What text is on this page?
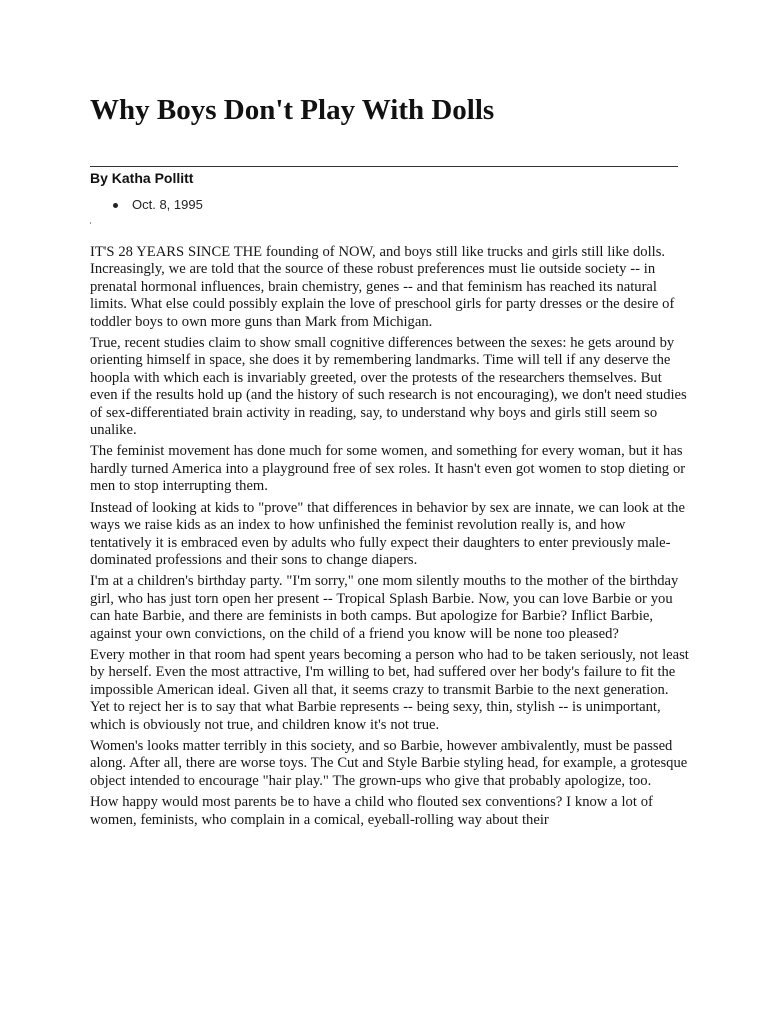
Why Boys Don't Play With Dolls
By Katha Pollitt
Oct. 8, 1995

IT'S 28 YEARS SINCE THE founding of NOW, and boys still like trucks and girls still like dolls. Increasingly, we are told that the source of these robust preferences must lie outside society -- in prenatal hormonal influences, brain chemistry, genes -- and that feminism has reached its natural limits. What else could possibly explain the love of preschool girls for party dresses or the desire of toddler boys to own more guns than Mark from Michigan.

True, recent studies claim to show small cognitive differences between the sexes: he gets around by orienting himself in space, she does it by remembering landmarks. Time will tell if any deserve the hoopla with which each is invariably greeted, over the protests of the researchers themselves. But even if the results hold up (and the history of such research is not encouraging), we don't need studies of sex-differentiated brain activity in reading, say, to understand why boys and girls still seem so unalike.

The feminist movement has done much for some women, and something for every woman, but it has hardly turned America into a playground free of sex roles. It hasn't even got women to stop dieting or men to stop interrupting them.

Instead of looking at kids to "prove" that differences in behavior by sex are innate, we can look at the ways we raise kids as an index to how unfinished the feminist revolution really is, and how tentatively it is embraced even by adults who fully expect their daughters to enter previously male-dominated professions and their sons to change diapers.

I'm at a children's birthday party. "I'm sorry," one mom silently mouths to the mother of the birthday girl, who has just torn open her present -- Tropical Splash Barbie. Now, you can love Barbie or you can hate Barbie, and there are feminists in both camps. But apologize for Barbie? Inflict Barbie, against your own convictions, on the child of a friend you know will be none too pleased?

Every mother in that room had spent years becoming a person who had to be taken seriously, not least by herself. Even the most attractive, I'm willing to bet, had suffered over her body's failure to fit the impossible American ideal. Given all that, it seems crazy to transmit Barbie to the next generation. Yet to reject her is to say that what Barbie represents -- being sexy, thin, stylish -- is unimportant, which is obviously not true, and children know it's not true.

Women's looks matter terribly in this society, and so Barbie, however ambivalently, must be passed along. After all, there are worse toys. The Cut and Style Barbie styling head, for example, a grotesque object intended to encourage "hair play." The grown-ups who give that probably apologize, too.

How happy would most parents be to have a child who flouted sex conventions? I know a lot of women, feminists, who complain in a comical, eyeball-rolling way about their
